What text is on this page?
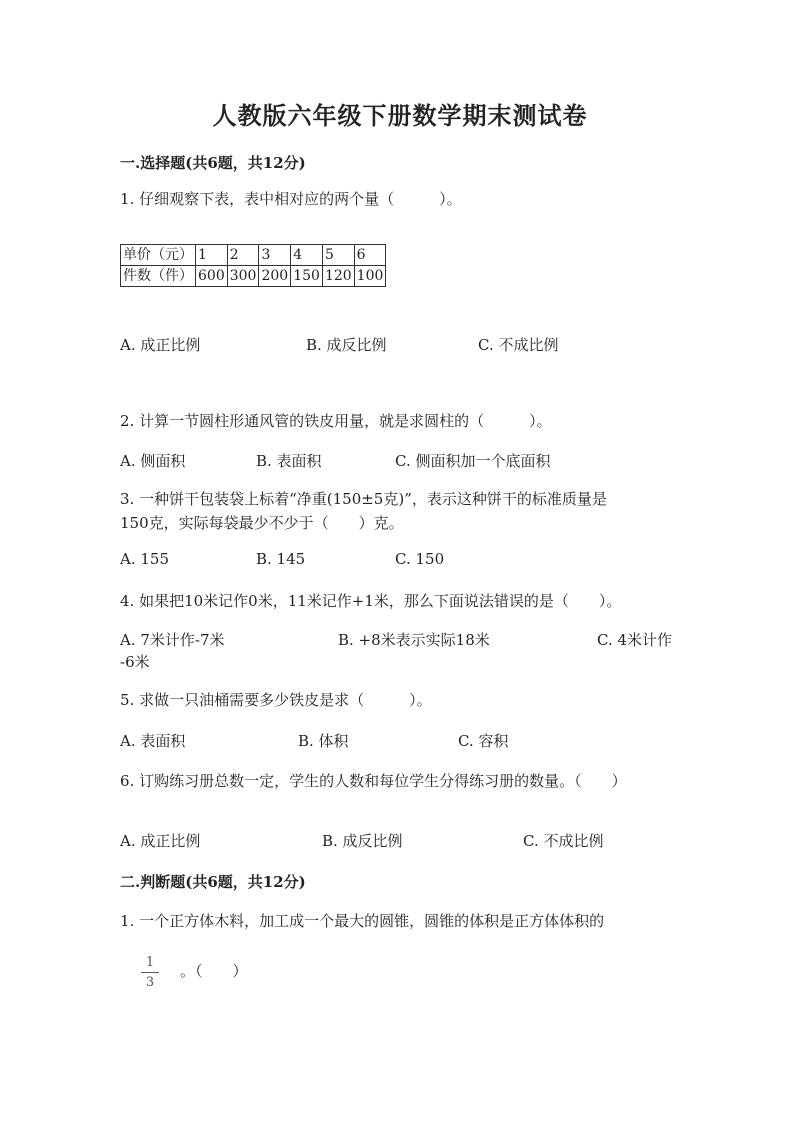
人教版六年级下册数学期末测试卷
一.选择题(共6题，共12分)
1. 仔细观察下表，表中相对应的两个量（　　　）。
单价（元）	1	2	3	4	5	6
件数（件）	600	300	200	150	120	100
A. 成正比例	B. 成反比例	C. 不成比例
2. 计算一节圆柱形通风管的铁皮用量，就是求圆柱的（　　　）。
A. 侧面积	B. 表面积	C. 侧面积加一个底面积
3. 一种饼干包装袋上标着“净重(150±5克)”，表示这种饼干的标准质量是
150克，实际每袋最少不少于（　　）克。
A. 155	B. 145	C. 150
4. 如果把10米记作0米，11米记作+1米，那么下面说法错误的是（　　）。
A. 7米计作-7米	B. +8米表示实际18米	C. 4米计作
-6米
5. 求做一只油桶需要多少铁皮是求（　　　）。
A. 表面积	B. 体积	C. 容积
6. 订购练习册总数一定，学生的人数和每位学生分得练习册的数量。（　　）
A. 成正比例	B. 成反比例	C. 不成比例
二.判断题(共6题，共12分)
1. 一个正方体木料，加工成一个最大的圆锥，圆锥的体积是正方体体积的
1
3
。（　　）
